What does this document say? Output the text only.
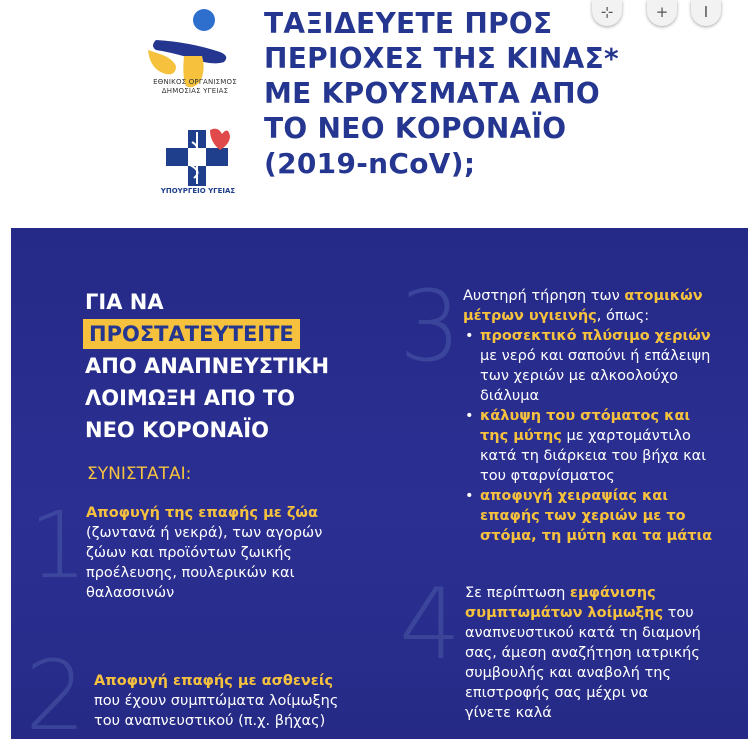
ΕΘΝΙΚΟΣ ΟΡΓΑΝΙΣΜΟΣ
ΔΗΜΟΣΙΑΣ ΥΓΕΙΑΣ
ΥΠΟΥΡΓΕΙΟ ΥΓΕΙΑΣ
ΤΑΞΙΔΕΥΕΤΕ ΠΡΟΣ
ΠΕΡΙΟΧΕΣ ΤΗΣ ΚΙΝΑΣ*
ΜΕ ΚΡΟΥΣΜΑΤΑ ΑΠΟ
ΤΟ ΝΕΟ ΚΟΡΟΝΑΪΟ
(2019-nCoV);
⊹	+	I
ΓΙΑ ΝΑ
ΠΡΟΣΤΑΤΕΥΤΕΙΤΕ
ΑΠΟ ΑΝΑΠΝΕΥΣΤΙΚΗ
ΛΟΙΜΩΞΗ ΑΠΟ ΤΟ
ΝΕΟ ΚΟΡΟΝΑΪΟ
ΣΥΝΙΣΤΑΤΑΙ:
1
Αποφυγή της επαφής με ζώα
(ζωντανά ή νεκρά), των αγορών
ζώων και προϊόντων ζωικής
προέλευσης, πουλερικών και
θαλασσινών
2 Αποφυγή επαφής με ασθενείς
που έχουν συμπτώματα λοίμωξης
του αναπνευστικού (π.χ. βήχας)
3 Αυστηρή τήρηση των ατομικών
μέτρων υγιεινής, όπως:
• προσεκτικό πλύσιμο χεριών
με νερό και σαπούνι ή επάλειψη
των χεριών με αλκοολούχο
διάλυμα
• κάλυψη του στόματος και
της μύτης με χαρτομάντιλο
κατά τη διάρκεια του βήχα και
του φταρνίσματος
• αποφυγή χειραψίας και
επαφής των χεριών με το
στόμα, τη μύτη και τα μάτια
4 Σε περίπτωση εμφάνισης
συμπτωμάτων λοίμωξης του
αναπνευστικού κατά τη διαμονή
σας, άμεση αναζήτηση ιατρικής
συμβουλής και αναβολή της
επιστροφής σας μέχρι να
γίνετε καλά
